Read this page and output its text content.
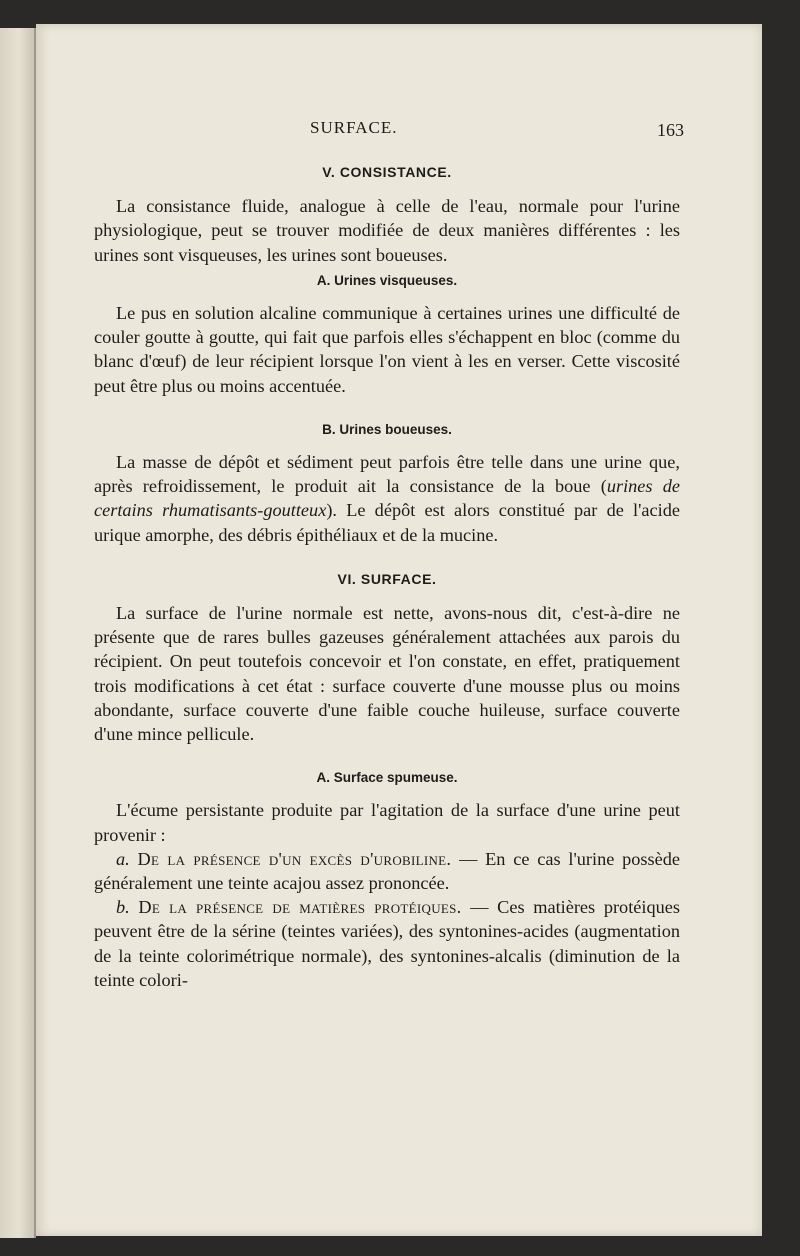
SURFACE.	163
V. CONSISTANCE.

La consistance fluide, analogue à celle de l'eau, normale pour l'urine physiologique, peut se trouver modifiée de deux manières différentes : les urines sont visqueuses, les urines sont boueuses.

A. Urines visqueuses.

Le pus en solution alcaline communique à certaines urines une difficulté de couler goutte à goutte, qui fait que parfois elles s'échappent en bloc (comme du blanc d'œuf) de leur récipient lorsque l'on vient à les en verser. Cette viscosité peut être plus ou moins accentuée.

B. Urines boueuses.

La masse de dépôt et sédiment peut parfois être telle dans une urine que, après refroidissement, le produit ait la consistance de la boue (urines de certains rhumatisants-goutteux). Le dépôt est alors constitué par de l'acide urique amorphe, des débris épithéliaux et de la mucine.

VI. SURFACE.

La surface de l'urine normale est nette, avons-nous dit, c'est-à-dire ne présente que de rares bulles gazeuses généralement attachées aux parois du récipient. On peut toutefois concevoir et l'on constate, en effet, pratiquement trois modifications à cet état : surface couverte d'une mousse plus ou moins abondante, surface couverte d'une faible couche huileuse, surface couverte d'une mince pellicule.

A. Surface spumeuse.

L'écume persistante produite par l'agitation de la surface d'une urine peut provenir :

a. De la présence d'un excès d'urobiline. — En ce cas l'urine possède généralement une teinte acajou assez prononcée.

b. De la présence de matières protéiques. — Ces matières protéiques peuvent être de la sérine (teintes variées), des syntonines-acides (augmentation de la teinte colorimétrique normale), des syntonines-alcalis (diminution de la teinte colori-
